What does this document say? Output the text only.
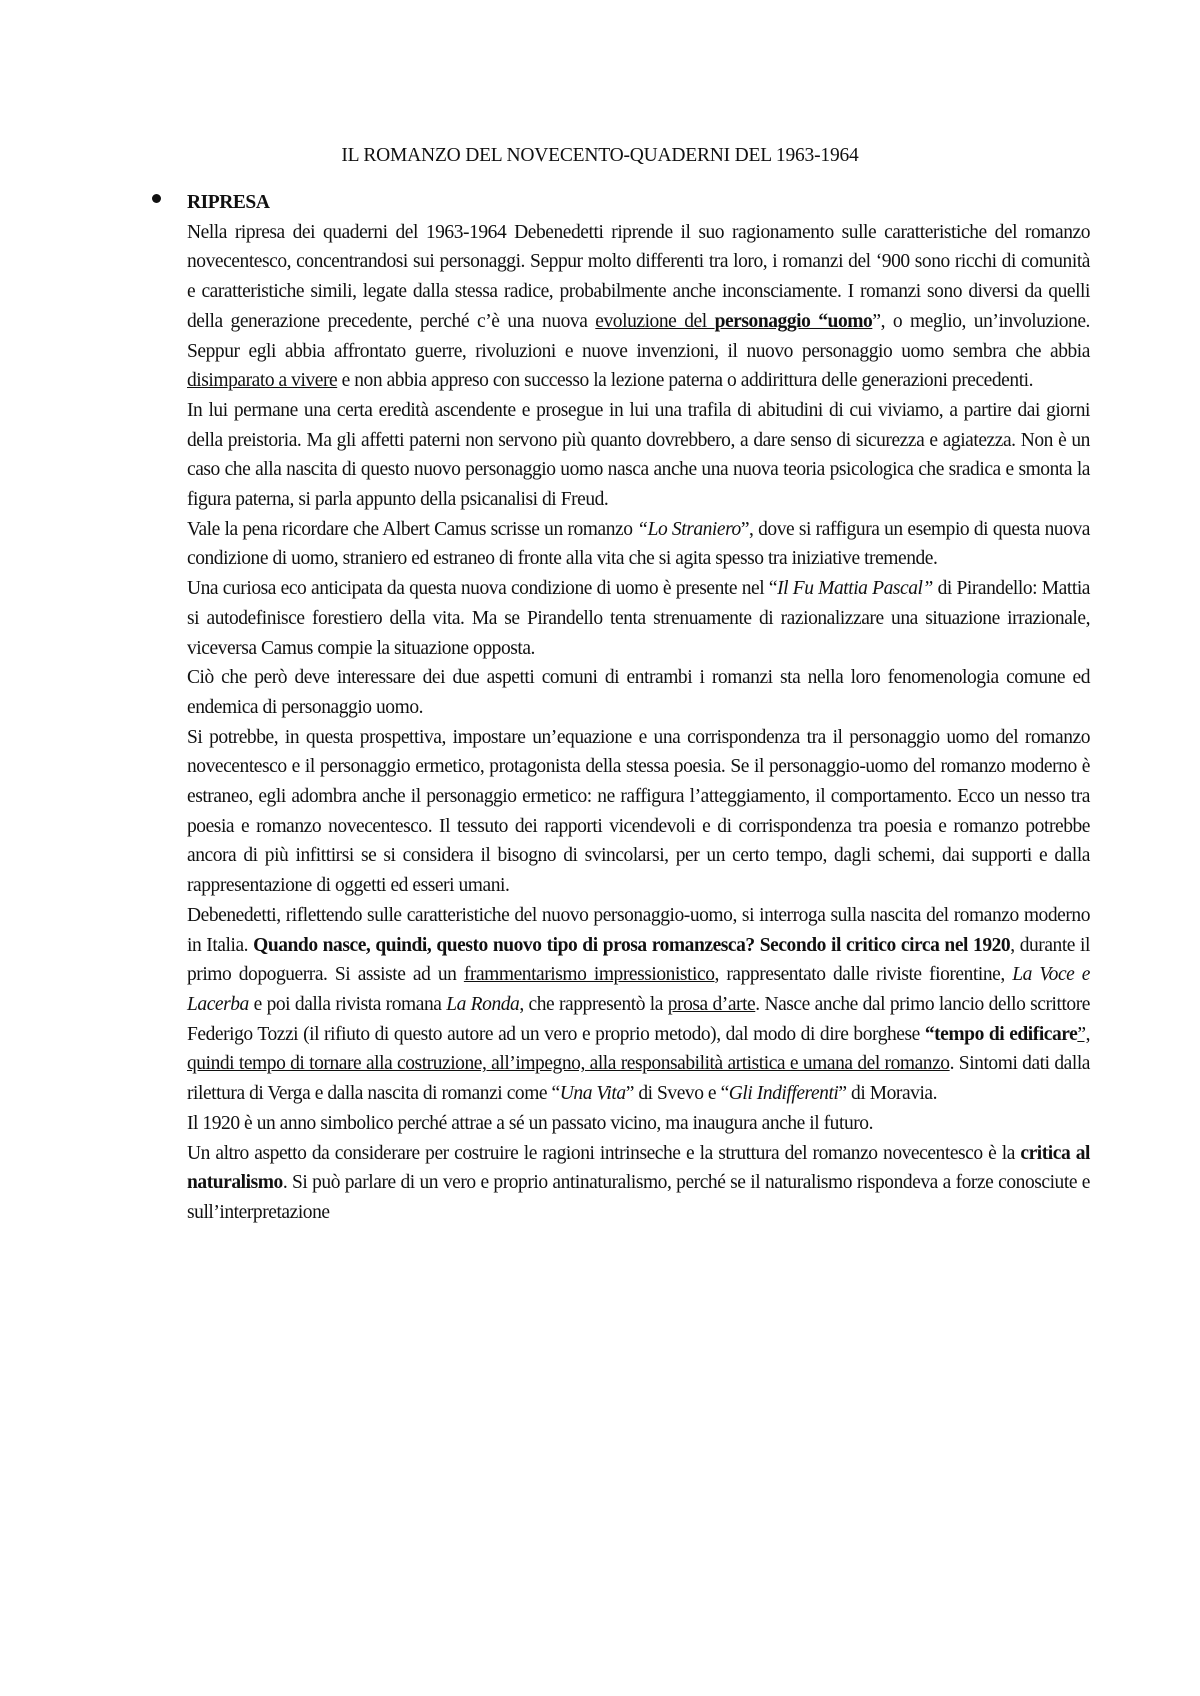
IL ROMANZO DEL NOVECENTO-QUADERNI DEL 1963-1964
RIPRESA

Nella ripresa dei quaderni del 1963-1964 Debenedetti riprende il suo ragionamento sulle caratteristiche del romanzo novecentesco, concentrandosi sui personaggi. Seppur molto differenti tra loro, i romanzi del ‘900 sono ricchi di comunità e caratteristiche simili, legate dalla stessa radice, probabilmente anche inconsciamente. I romanzi sono diversi da quelli della generazione precedente, perché c’è una nuova evoluzione del personaggio “uomo”, o meglio, un’involuzione. Seppur egli abbia affrontato guerre, rivoluzioni e nuove invenzioni, il nuovo personaggio uomo sembra che abbia disimparato a vivere e non abbia appreso con successo la lezione paterna o addirittura delle generazioni precedenti.

In lui permane una certa eredità ascendente e prosegue in lui una trafila di abitudini di cui viviamo, a partire dai giorni della preistoria. Ma gli affetti paterni non servono più quanto dovrebbero, a dare senso di sicurezza e agiatezza. Non è un caso che alla nascita di questo nuovo personaggio uomo nasca anche una nuova teoria psicologica che sradica e smonta la figura paterna, si parla appunto della psicanalisi di Freud.

Vale la pena ricordare che Albert Camus scrisse un romanzo “Lo Straniero”, dove si raffigura un esempio di questa nuova condizione di uomo, straniero ed estraneo di fronte alla vita che si agita spesso tra iniziative tremende.

Una curiosa eco anticipata da questa nuova condizione di uomo è presente nel “Il Fu Mattia Pascal” di Pirandello: Mattia si autodefinisce forestiero della vita. Ma se Pirandello tenta strenuamente di razionalizzare una situazione irrazionale, viceversa Camus compie la situazione opposta.

Ciò che però deve interessare dei due aspetti comuni di entrambi i romanzi sta nella loro fenomenologia comune ed endemica di personaggio uomo.

Si potrebbe, in questa prospettiva, impostare un’equazione e una corrispondenza tra il personaggio uomo del romanzo novecentesco e il personaggio ermetico, protagonista della stessa poesia. Se il personaggio-uomo del romanzo moderno è estraneo, egli adombra anche il personaggio ermetico: ne raffigura l’atteggiamento, il comportamento. Ecco un nesso tra poesia e romanzo novecentesco. Il tessuto dei rapporti vicendevoli e di corrispondenza tra poesia e romanzo potrebbe ancora di più infittirsi se si considera il bisogno di svincolarsi, per un certo tempo, dagli schemi, dai supporti e dalla rappresentazione di oggetti ed esseri umani.

Debenedetti, riflettendo sulle caratteristiche del nuovo personaggio-uomo, si interroga sulla nascita del romanzo moderno in Italia. Quando nasce, quindi, questo nuovo tipo di prosa romanzesca? Secondo il critico circa nel 1920, durante il primo dopoguerra. Si assiste ad un frammentarismo impressionistico, rappresentato dalle riviste fiorentine, La Voce e Lacerba e poi dalla rivista romana La Ronda, che rappresentò la prosa d’arte. Nasce anche dal primo lancio dello scrittore Federigo Tozzi (il rifiuto di questo autore ad un vero e proprio metodo), dal modo di dire borghese “tempo di edificare”, quindi tempo di tornare alla costruzione, all’impegno, alla responsabilità artistica e umana del romanzo. Sintomi dati dalla rilettura di Verga e dalla nascita di romanzi come “Una Vita” di Svevo e “Gli Indifferenti” di Moravia.

Il 1920 è un anno simbolico perché attrae a sé un passato vicino, ma inaugura anche il futuro.

Un altro aspetto da considerare per costruire le ragioni intrinseche e la struttura del romanzo novecentesco è la critica al naturalismo. Si può parlare di un vero e proprio antinaturalismo, perché se il naturalismo rispondeva a forze conosciute e sull’interpretazione
